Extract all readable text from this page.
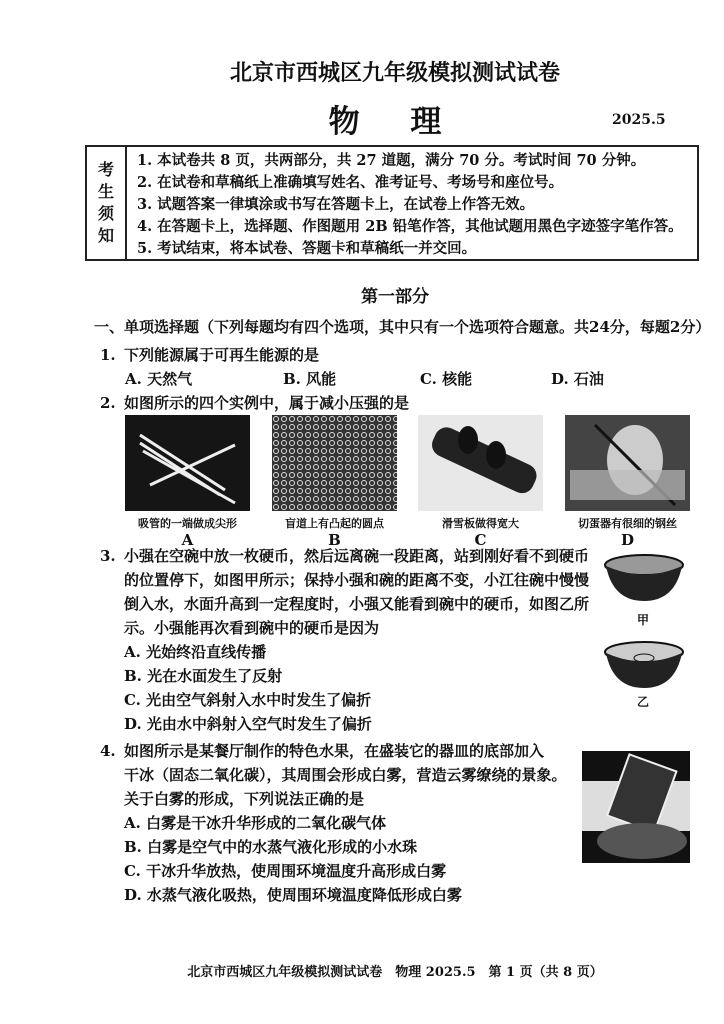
北京市西城区九年级模拟测试试卷
物 理	2025.5
考
生
须
知
1. 本试卷共 8 页，共两部分，共 27 道题，满分 70 分。考试时间 70 分钟。
2. 在试卷和草稿纸上准确填写姓名、准考证号、考场号和座位号。
3. 试题答案一律填涂或书写在答题卡上，在试卷上作答无效。
4. 在答题卡上，选择题、作图题用 2B 铅笔作答，其他试题用黑色字迹签字笔作答。
5. 考试结束，将本试卷、答题卡和草稿纸一并交回。
第一部分
一、单项选择题（下列每题均有四个选项，其中只有一个选项符合题意。共24分，每题2分）
1. 下列能源属于可再生能源的是
A. 天然气	B. 风能	C. 核能	D. 石油
2. 如图所示的四个实例中，属于减小压强的是
吸管的一端做成尖形	盲道上有凸起的圆点	滑雪板做得宽大	切蛋器有很细的钢丝
A	B	C	D
3. 小强在空碗中放一枚硬币，然后远离碗一段距离，站到刚好看不到硬币
的位置停下，如图甲所示；保持小强和碗的距离不变，小江往碗中慢慢
倒入水，水面升高到一定程度时，小强又能看到碗中的硬币，如图乙所
示。小强能再次看到碗中的硬币是因为
A. 光始终沿直线传播
B. 光在水面发生了反射
C. 光由空气斜射入水中时发生了偏折
D. 光由水中斜射入空气时发生了偏折
甲
乙
4. 如图所示是某餐厅制作的特色水果，在盛装它的器皿的底部加入
干冰（固态二氧化碳），其周围会形成白雾，营造云雾缭绕的景象。
关于白雾的形成，下列说法正确的是
A. 白雾是干冰升华形成的二氧化碳气体
B. 白雾是空气中的水蒸气液化形成的小水珠
C. 干冰升华放热，使周围环境温度升高形成白雾
D. 水蒸气液化吸热，使周围环境温度降低形成白雾
北京市西城区九年级模拟测试试卷　物理 2025.5　第 1 页（共 8 页）
